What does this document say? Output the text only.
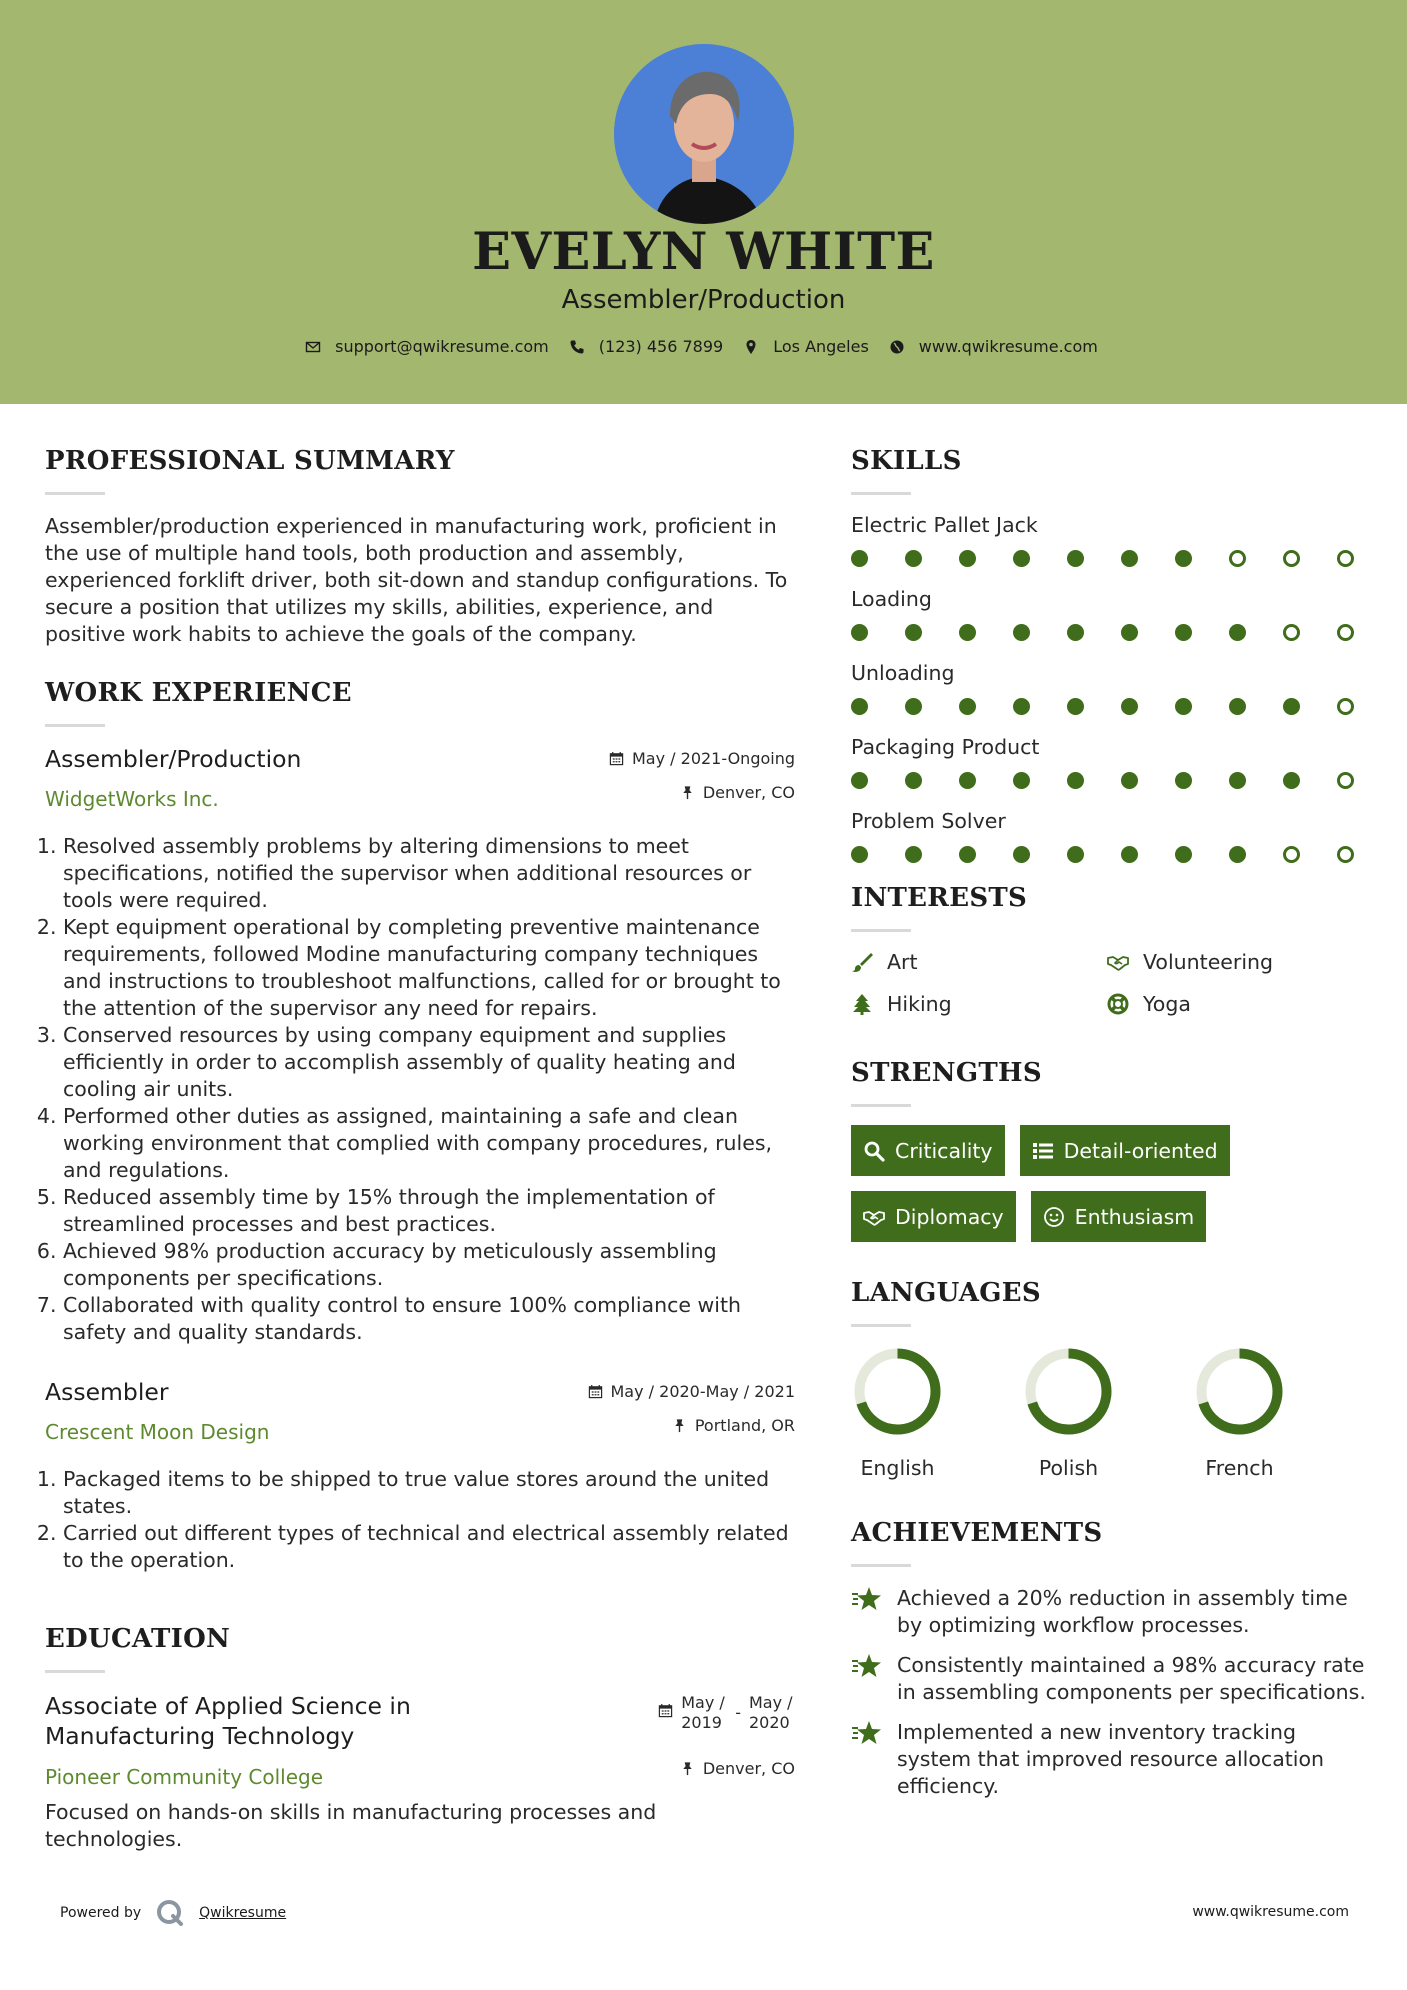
EVELYN WHITE
Assembler/Production
support@qwikresume.com	(123) 456 7899	Los Angeles	www.qwikresume.com
PROFESSIONAL SUMMARY

Assembler/production experienced in manufacturing work, proficient in the use of multiple hand tools, both production and assembly, experienced forklift driver, both sit-down and standup configurations. To secure a position that utilizes my skills, abilities, experience, and positive work habits to achieve the goals of the company.

WORK EXPERIENCE
Assembler/Production	May / 2021-Ongoing
WidgetWorks Inc.	Denver, CO
1. Resolved assembly problems by altering dimensions to meet specifications, notified the supervisor when additional resources or tools were required.
2. Kept equipment operational by completing preventive maintenance requirements, followed Modine manufacturing company techniques and instructions to troubleshoot malfunctions, called for or brought to the attention of the supervisor any need for repairs.
3. Conserved resources by using company equipment and supplies efficiently in order to accomplish assembly of quality heating and cooling air units.
4. Performed other duties as assigned, maintaining a safe and clean working environment that complied with company procedures, rules, and regulations.
5. Reduced assembly time by 15% through the implementation of streamlined processes and best practices.
6. Achieved 98% production accuracy by meticulously assembling components per specifications.
7. Collaborated with quality control to ensure 100% compliance with safety and quality standards.
Assembler	May / 2020-May / 2021
Crescent Moon Design	Portland, OR
1. Packaged items to be shipped to true value stores around the united states.
2. Carried out different types of technical and electrical assembly related to the operation.
EDUCATION
Associate of Applied Science in Manufacturing Technology
May / 2019
-
May / 2020
Pioneer Community College	Denver, CO

Focused on hands-on skills in manufacturing processes and technologies.

SKILLS
Electric Pallet Jack
Loading
Unloading
Packaging Product
Problem Solver
INTERESTS
Art	Volunteering
Hiking	Yoga
STRENGTHS
Criticality	Detail-oriented
Diplomacy	Enthusiasm
LANGUAGES
English	Polish	French
ACHIEVEMENTS
Achieved a 20% reduction in assembly time by optimizing workflow processes.
Consistently maintained a 98% accuracy rate in assembling components per specifications.
Implemented a new inventory tracking system that improved resource allocation efficiency.
Powered by	Qwikresume	www.qwikresume.com
